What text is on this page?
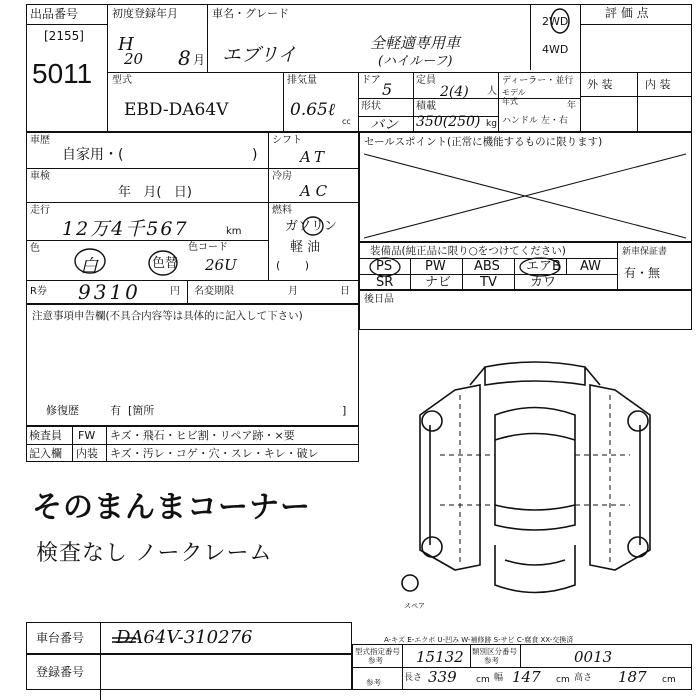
出品番号
[2155]
5011
初度登録年月
H
20 8 月
車名・グレード
エブリイ
全軽適専用車
(ハイルーフ)
2WD
4WD
評 価 点
型式
EBD-DA64V
排気量
0.65ℓ
cc
ドア 5 定員
2(4) 人
ディーラー・並行
モデル年式	年
外 装	内 装
形状
バン
積載
350(250) kg ハンドル 左・右
車歴
自家用・(	)
シフト
AT
車検
年   月(   日)
冷房
A C
走行
12万4千567	km
燃料
ガソリン
軽 油
(       )
色
白	色替
色コード
26U
R券 9310	円 名変期限	月	日
注意事項申告欄(不具合内容等は具体的に記入して下さい)
修復歴	有 [箇所	]
検査員 FW キズ・飛石・ヒビ割・リペア跡・×要
記入欄 内装 キズ・汚レ・コゲ・穴・スレ・キレ・破レ
そのまんまコーナー
検査なし ノークレーム
セールスポイント(正常に機能するものに限ります)
装備品(純正品に限り○をつけてください)
PS	PW ABS エアB AW
SR ナビ TV	カワ
新車保証書
有・無
後日品
スペア
車台番号 DA64V-310276	A-キズ E-エクボ U-凹み W-補修跡 S-サビ C-腐食 XX-交換済
登録番号
型式指定番号
参考 15132 類別区分番号
参考	0013
参考	長さ 339 cm 幅 147 cm 高さ 187 cm
